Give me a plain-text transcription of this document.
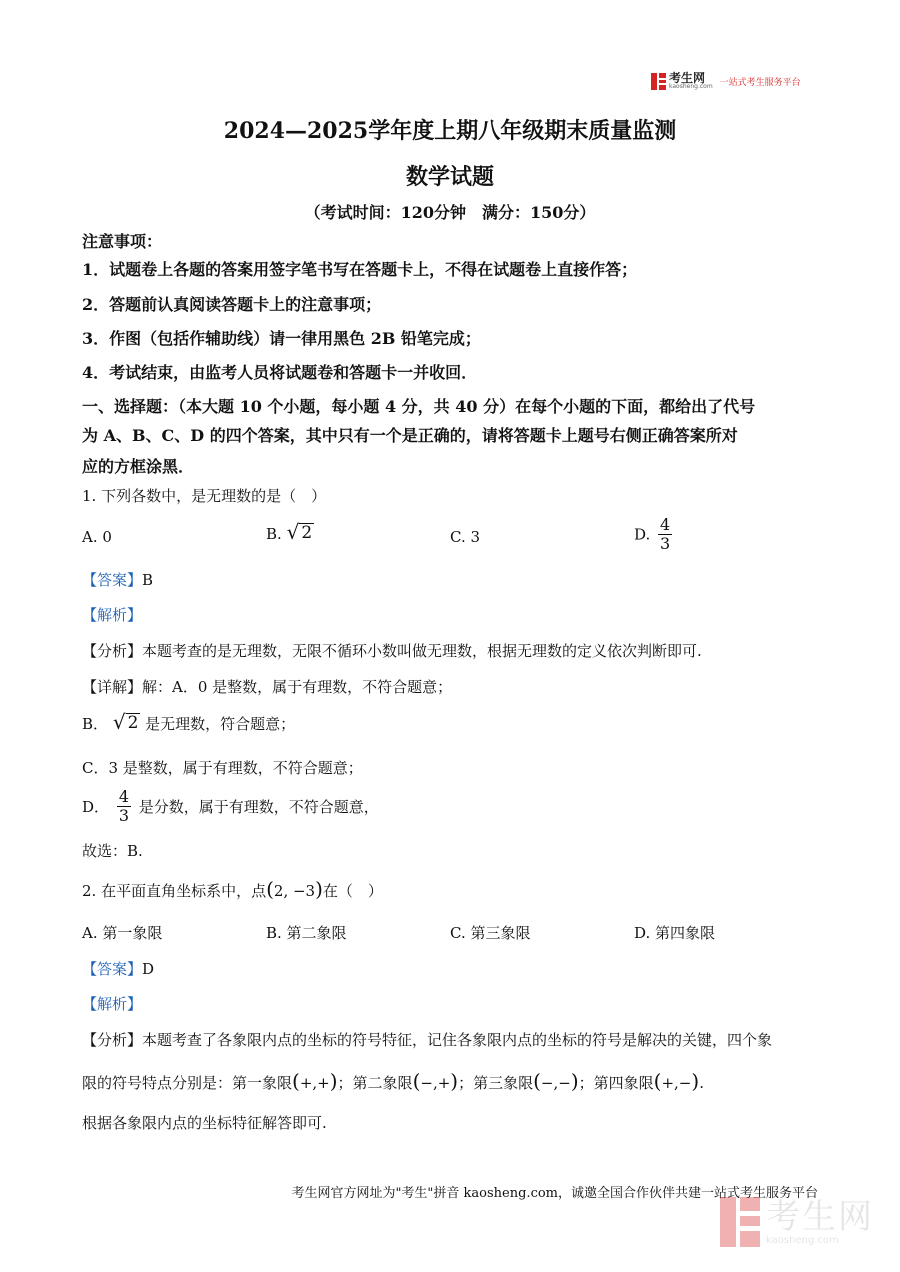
考生网
kaosheng.com 一站式考生服务平台
2024—2025学年度上期八年级期末质量监测
数学试题
（考试时间：120分钟　满分：150分）
注意事项：
1．试题卷上各题的答案用签字笔书写在答题卡上，不得在试题卷上直接作答；
2．答题前认真阅读答题卡上的注意事项；
3．作图（包括作辅助线）请一律用黑色 2B 铅笔完成；
4．考试结束，由监考人员将试题卷和答题卡一并收回．
一、选择题：（本大题 10 个小题，每小题 4 分，共 40 分）在每个小题的下面，都给出了代号
为 A、B、C、D 的四个答案，其中只有一个是正确的，请将答题卡上题号右侧正确答案所对
应的方框涂黑．
1. 下列各数中，是无理数的是（　）
A. 0	B. √ 2	C. 3	D. $\frac{4}{3}$
【答案】B
【解析】
【分析】本题考查的是无理数，无限不循环小数叫做无理数，根据无理数的定义依次判断即可.
【详解】解：A．0 是整数，属于有理数，不符合题意；
B． √ 2 是无理数，符合题意；
C．3 是整数，属于有理数，不符合题意；
D． $\frac{4}{3}$ 是分数，属于有理数，不符合题意，
故选：B.
2. 在平面直角坐标系中，点(2, −3)在（　）
A. 第一象限	B. 第二象限	C. 第三象限	D. 第四象限
【答案】D
【解析】
【分析】本题考查了各象限内点的坐标的符号特征，记住各象限内点的坐标的符号是解决的关键，四个象
限的符号特点分别是：第一象限(+,+)；第二象限(−,+)；第三象限(−,−)；第四象限(+,−).
根据各象限内点的坐标特征解答即可.
考生网官方网址为"考生"拼音 kaosheng.com，诚邀全国合作伙伴共建一站式考生服务平台
考生网
kaosheng.com
